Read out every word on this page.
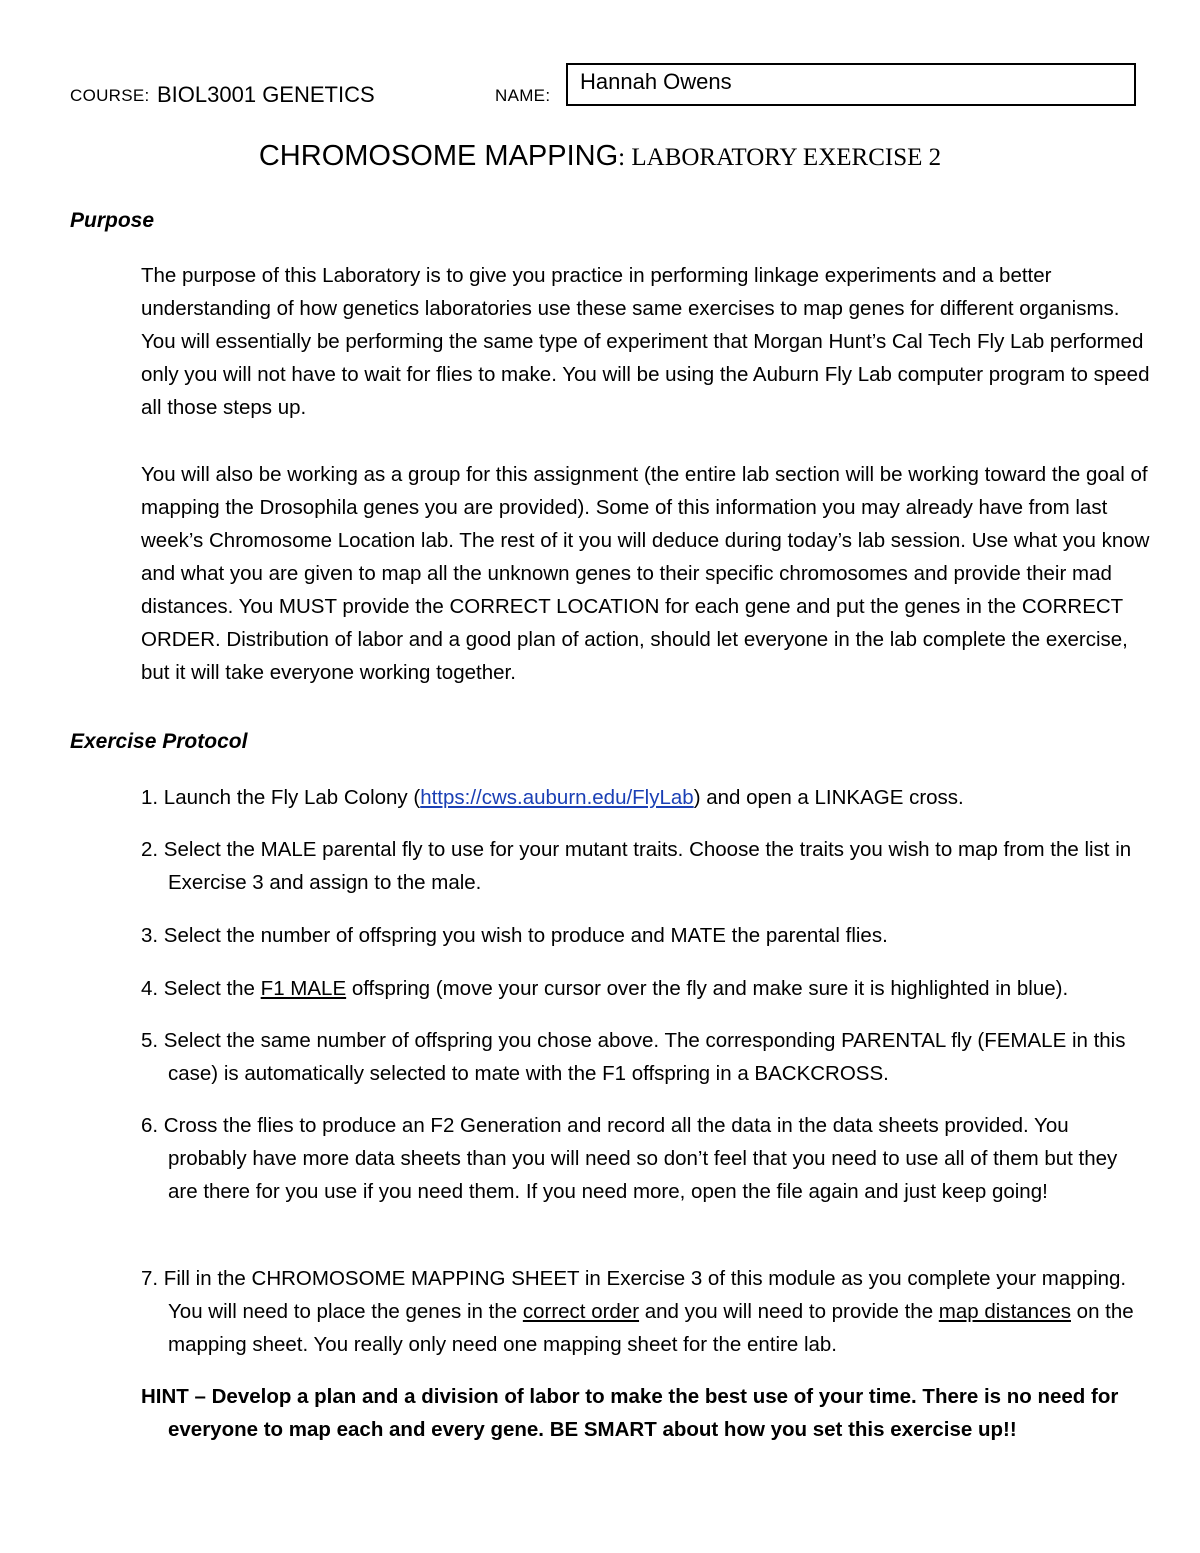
COURSE: BIOL3001 GENETICS	NAME:
Hannah Owens
CHROMOSOME MAPPING: LABORATORY EXERCISE 2
Purpose
The purpose of this Laboratory is to give you practice in performing linkage experiments and a better understanding of how genetics laboratories use these same exercises to map genes for different organisms. You will essentially be performing the same type of experiment that Morgan Hunt’s Cal Tech Fly Lab performed only you will not have to wait for flies to make. You will be using the Auburn Fly Lab computer program to speed all those steps up.
You will also be working as a group for this assignment (the entire lab section will be working toward the goal of mapping the Drosophila genes you are provided). Some of this information you may already have from last week’s Chromosome Location lab. The rest of it you will deduce during today’s lab session. Use what you know and what you are given to map all the unknown genes to their specific chromosomes and provide their mad distances. You MUST provide the CORRECT LOCATION for each gene and put the genes in the CORRECT ORDER. Distribution of labor and a good plan of action, should let everyone in the lab complete the exercise, but it will take everyone working together.
Exercise Protocol
1. Launch the Fly Lab Colony (https://cws.auburn.edu/FlyLab) and open a LINKAGE cross.
2. Select the MALE parental fly to use for your mutant traits. Choose the traits you wish to map from the list in Exercise 3 and assign to the male.
3. Select the number of offspring you wish to produce and MATE the parental flies.
4. Select the F1 MALE offspring (move your cursor over the fly and make sure it is highlighted in blue).
5. Select the same number of offspring you chose above. The corresponding PARENTAL fly (FEMALE in this case) is automatically selected to mate with the F1 offspring in a BACKCROSS.
6. Cross the flies to produce an F2 Generation and record all the data in the data sheets provided. You probably have more data sheets than you will need so don’t feel that you need to use all of them but they are there for you use if you need them. If you need more, open the file again and just keep going!
7. Fill in the CHROMOSOME MAPPING SHEET in Exercise 3 of this module as you complete your mapping. You will need to place the genes in the correct order and you will need to provide the map distances on the mapping sheet. You really only need one mapping sheet for the entire lab.
HINT – Develop a plan and a division of labor to make the best use of your time. There is no need for everyone to map each and every gene. BE SMART about how you set this exercise up!!
